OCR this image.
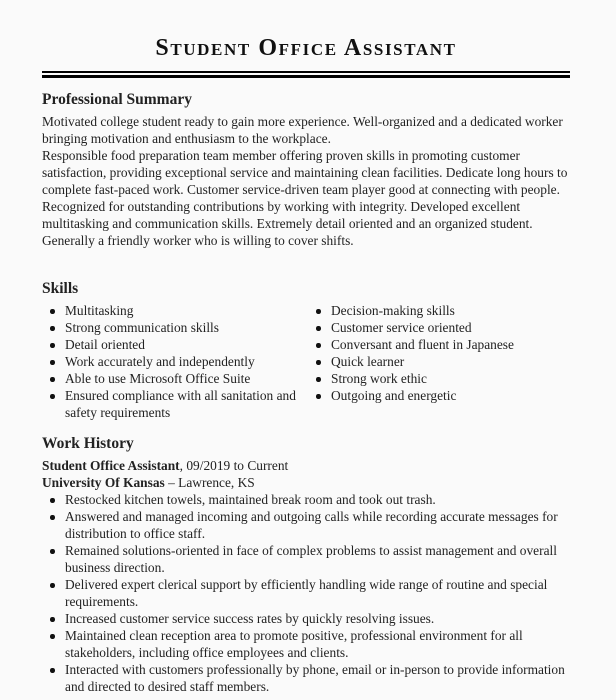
Student Office Assistant
Professional Summary

Motivated college student ready to gain more experience. Well-organized and a dedicated worker bringing motivation and enthusiasm to the workplace.

Responsible food preparation team member offering proven skills in promoting customer satisfaction, providing exceptional service and maintaining clean facilities. Dedicate long hours to complete fast-paced work. Customer service-driven team player good at connecting with people.

Recognized for outstanding contributions by working with integrity. Developed excellent multitasking and communication skills. Extremely detail oriented and an organized student. Generally a friendly worker who is willing to cover shifts.

Skills
Multitasking
Strong communication skills
Detail oriented
Work accurately and independently
Able to use Microsoft Office Suite
Ensured compliance with all sanitation and safety requirements
Decision-making skills
Customer service oriented
Conversant and fluent in Japanese
Quick learner
Strong work ethic
Outgoing and energetic
Work History
Student Office Assistant, 09/2019 to Current
University Of Kansas – Lawrence, KS
Restocked kitchen towels, maintained break room and took out trash.
Answered and managed incoming and outgoing calls while recording accurate messages for distribution to office staff.
Remained solutions-oriented in face of complex problems to assist management and overall business direction.
Delivered expert clerical support by efficiently handling wide range of routine and special requirements.
Increased customer service success rates by quickly resolving issues.
Maintained clean reception area to promote positive, professional environment for all stakeholders, including office employees and clients.
Interacted with customers professionally by phone, email or in-person to provide information and directed to desired staff members.
